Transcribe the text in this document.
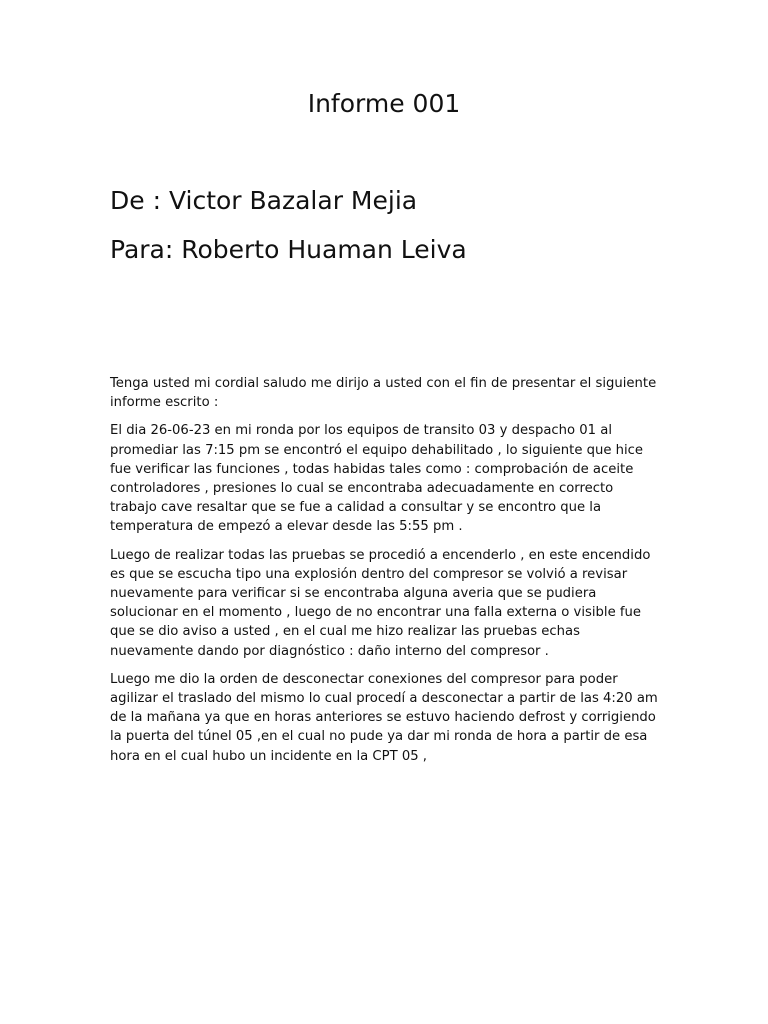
Informe 001
De : Victor Bazalar Mejia
Para: Roberto Huaman Leiva

Tenga usted mi cordial saludo me dirijo a usted con el fin de presentar el siguiente informe escrito :

El dia 26-06-23 en mi ronda por los equipos de transito 03 y despacho 01 al promediar las 7:15 pm se encontró el equipo dehabilitado , lo siguiente que hice fue verificar las funciones , todas habidas tales como : comprobación de aceite controladores , presiones lo cual se encontraba adecuadamente en correcto trabajo cave resaltar que se fue a calidad a consultar y se encontro que la temperatura de empezó a elevar desde las 5:55 pm .

Luego de realizar todas las pruebas se procedió a encenderlo , en este encendido es que se escucha tipo una explosión dentro del compresor se volvió a revisar nuevamente para verificar si se encontraba alguna averia que se pudiera solucionar en el momento , luego de no encontrar una falla externa o visible fue que se dio aviso a usted , en el cual me hizo realizar las pruebas echas nuevamente dando por diagnóstico : daño interno del compresor .

Luego me dio la orden de desconectar conexiones del compresor para poder agilizar el traslado del mismo lo cual procedí a desconectar a partir de las 4:20 am de la mañana ya que en horas anteriores se estuvo haciendo defrost y corrigiendo la puerta del túnel 05 ,en el cual no pude ya dar mi ronda de hora a partir de esa hora en el cual hubo un incidente en la CPT 05 ,
